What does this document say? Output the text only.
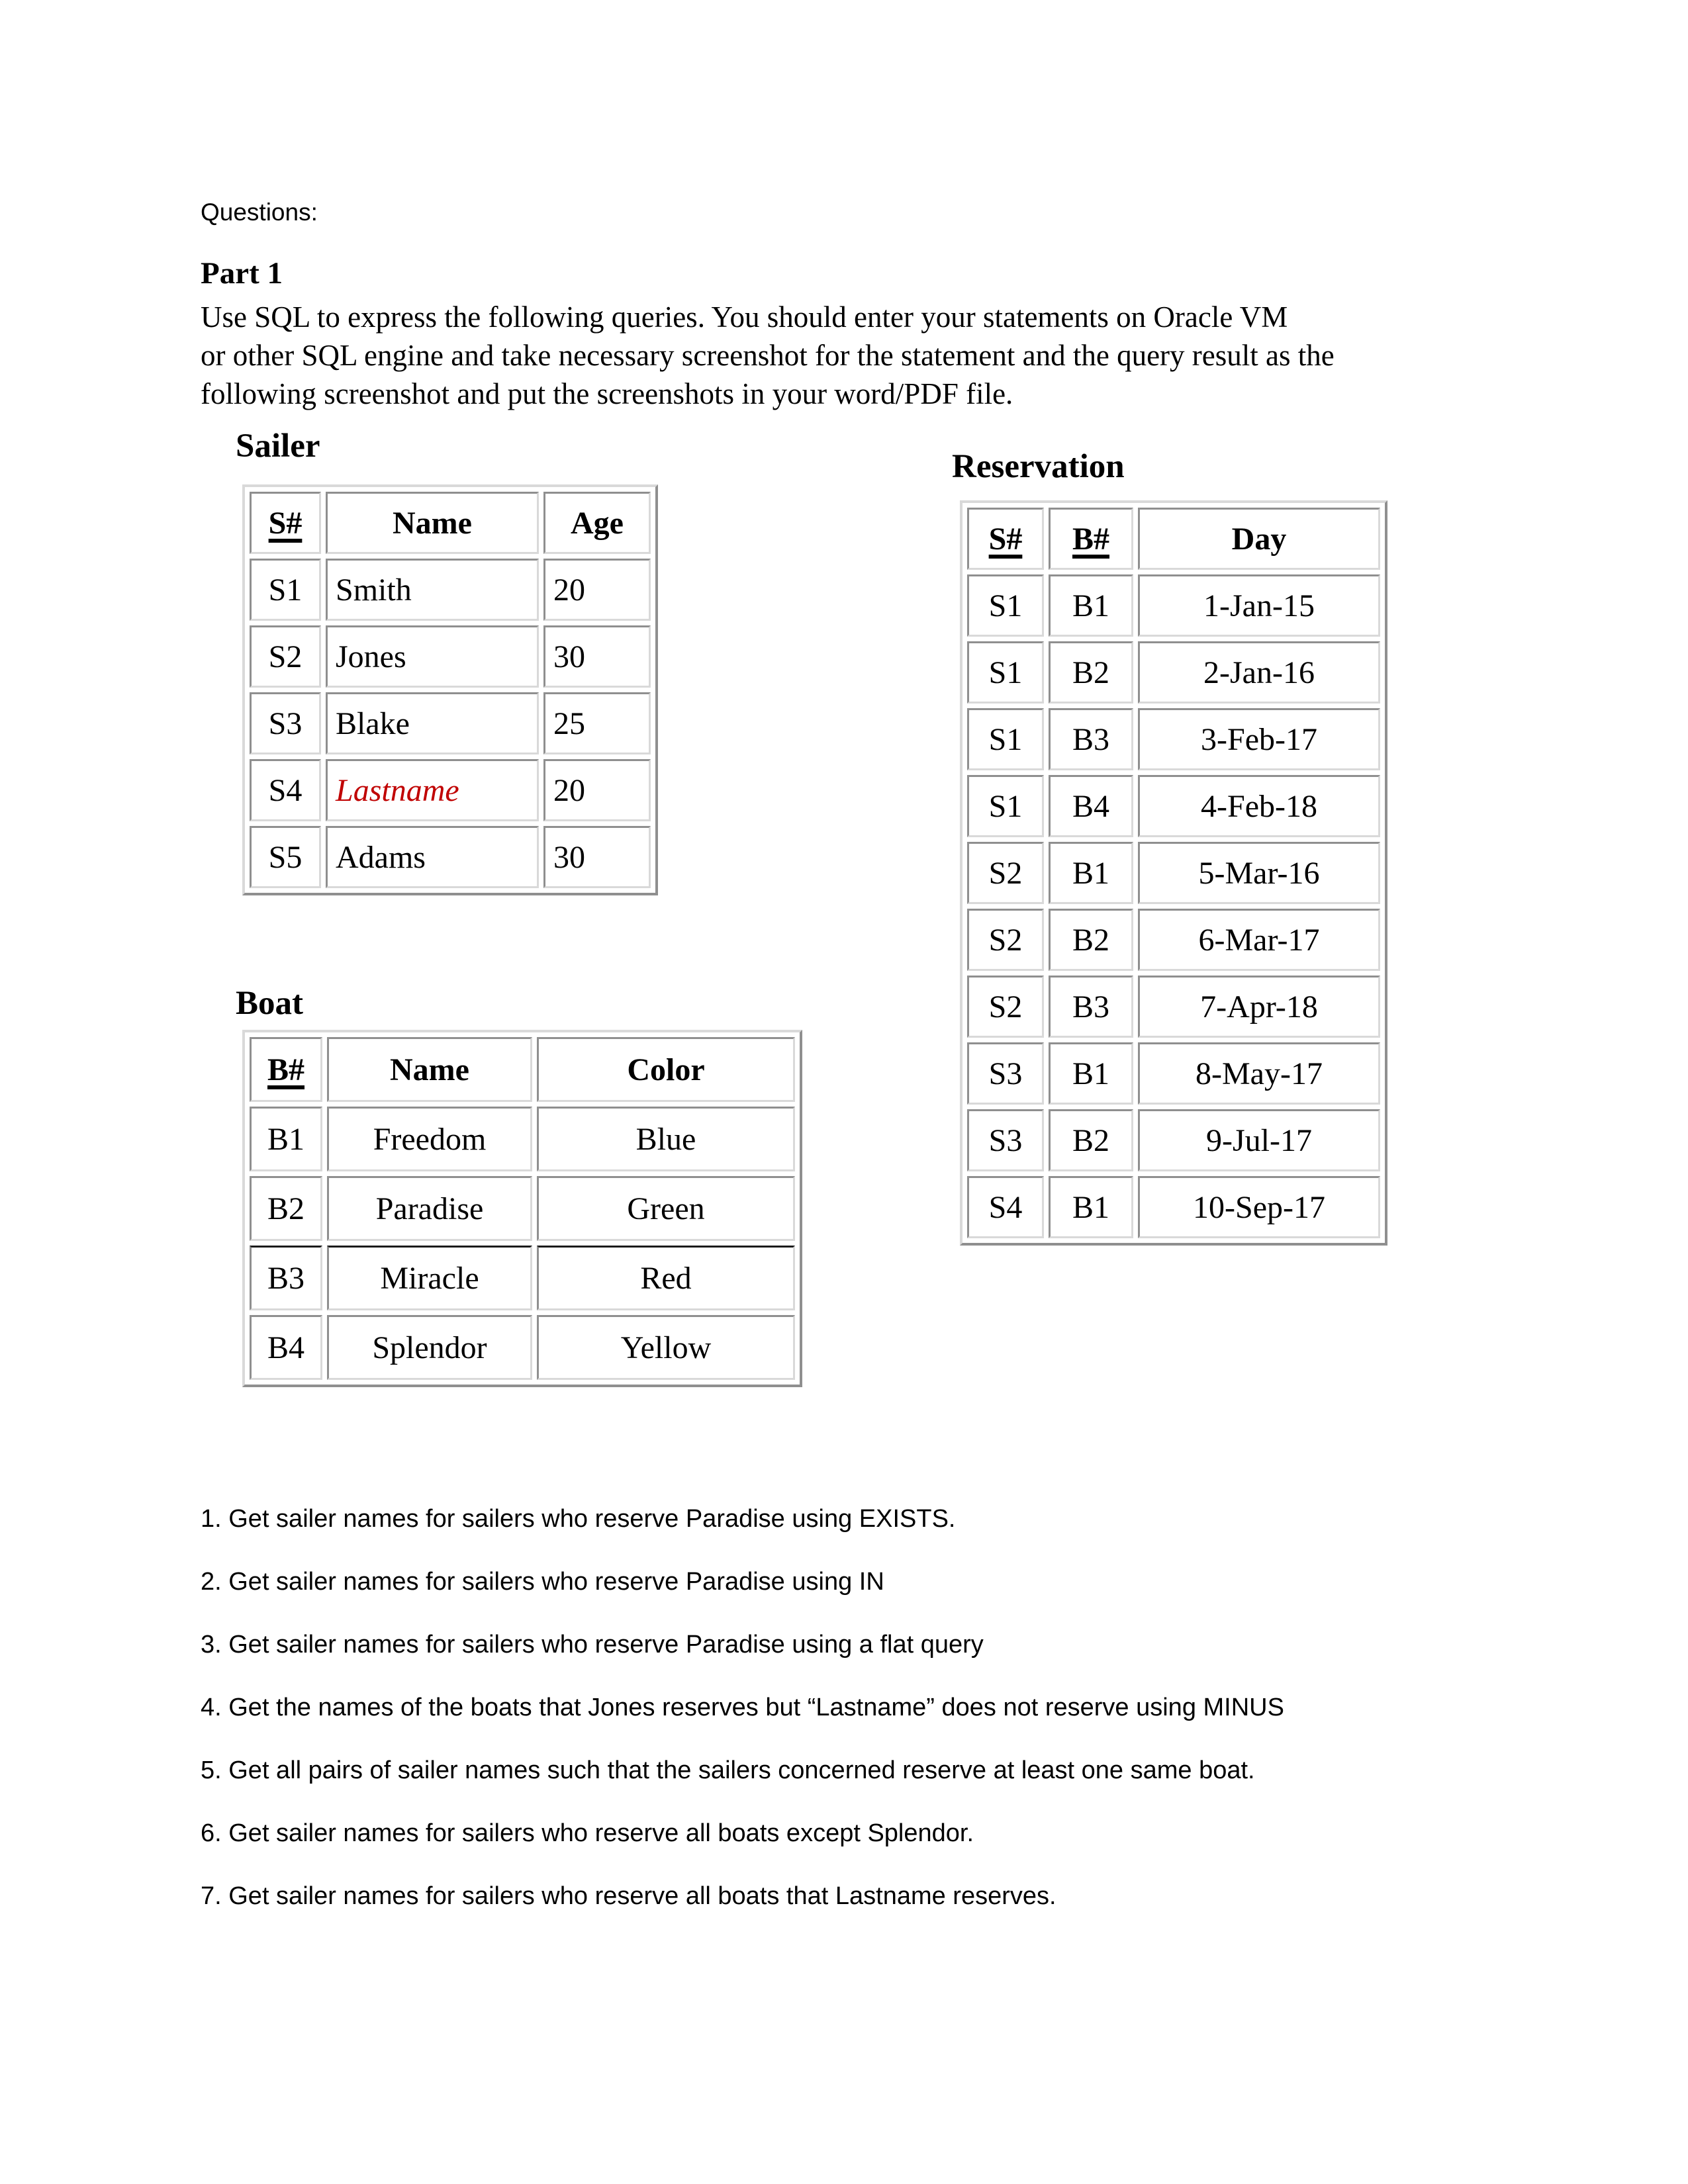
Questions:
Part 1
Use SQL to express the following queries. You should enter your statements on Oracle VM
or other SQL engine and take necessary screenshot for the statement and the query result as the
following screenshot and put the screenshots in your word/PDF file.
Sailer
S#	Name	Age
S1	Smith	20
S2	Jones	30
S3	Blake	25
S4	Lastname	20
S5	Adams	30
Boat
B#	Name	Color
B1	Freedom	Blue
B2	Paradise	Green
B3	Miracle	Red
B4	Splendor	Yellow
Reservation
S#	B#	Day
S1	B1	1-Jan-15
S1	B2	2-Jan-16
S1	B3	3-Feb-17
S1	B4	4-Feb-18
S2	B1	5-Mar-16
S2	B2	6-Mar-17
S2	B3	7-Apr-18
S3	B1	8-May-17
S3	B2	9-Jul-17
S4	B1	10-Sep-17
1. Get sailer names for sailers who reserve Paradise using EXISTS.
2. Get sailer names for sailers who reserve Paradise using IN
3. Get sailer names for sailers who reserve Paradise using a flat query
4. Get the names of the boats that Jones reserves but “Lastname” does not reserve using MINUS
5. Get all pairs of sailer names such that the sailers concerned reserve at least one same boat.
6. Get sailer names for sailers who reserve all boats except Splendor.
7. Get sailer names for sailers who reserve all boats that Lastname reserves.
